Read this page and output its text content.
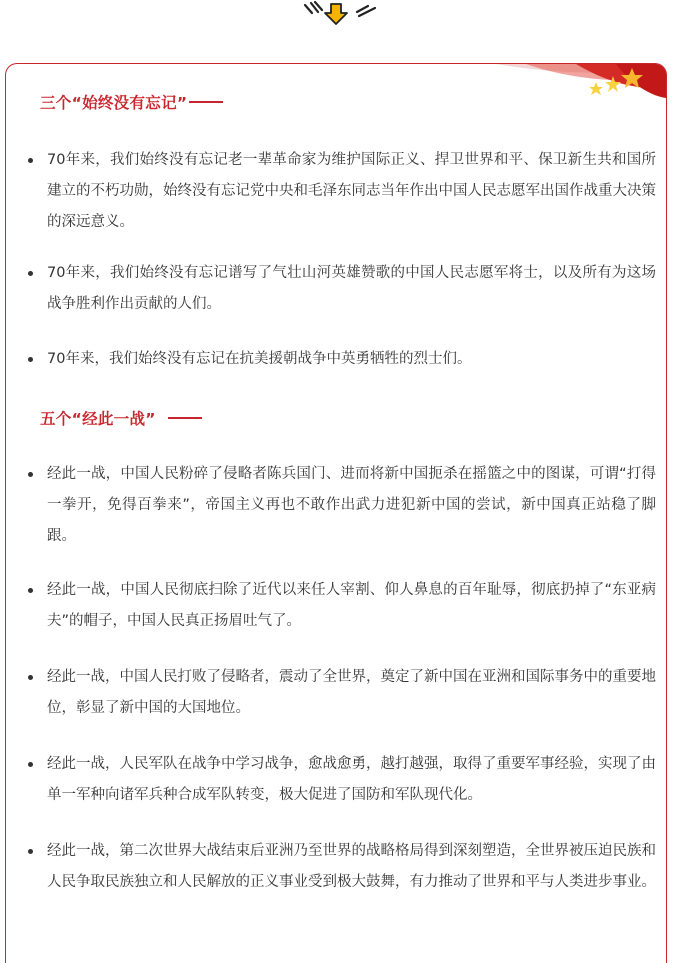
三个“始终没有忘记”
70年来，我们始终没有忘记老一辈革命家为维护国际正义、捍卫世界和平、保卫新生共和国所建立的不朽功勋，始终没有忘记党中央和毛泽东同志当年作出中国人民志愿军出国作战重大决策的深远意义。
70年来，我们始终没有忘记谱写了气壮山河英雄赞歌的中国人民志愿军将士，以及所有为这场战争胜利作出贡献的人们。
70年来，我们始终没有忘记在抗美援朝战争中英勇牺牲的烈士们。
五个“经此一战”
经此一战，中国人民粉碎了侵略者陈兵国门、进而将新中国扼杀在摇篮之中的图谋，可谓“打得一拳开，免得百拳来”，帝国主义再也不敢作出武力进犯新中国的尝试，新中国真正站稳了脚跟。
经此一战，中国人民彻底扫除了近代以来任人宰割、仰人鼻息的百年耻辱，彻底扔掉了“东亚病夫”的帽子，中国人民真正扬眉吐气了。
经此一战，中国人民打败了侵略者，震动了全世界，奠定了新中国在亚洲和国际事务中的重要地位，彰显了新中国的大国地位。
经此一战，人民军队在战争中学习战争，愈战愈勇，越打越强，取得了重要军事经验，实现了由单一军种向诸军兵种合成军队转变，极大促进了国防和军队现代化。
经此一战，第二次世界大战结束后亚洲乃至世界的战略格局得到深刻塑造，全世界被压迫民族和人民争取民族独立和人民解放的正义事业受到极大鼓舞，有力推动了世界和平与人类进步事业。
